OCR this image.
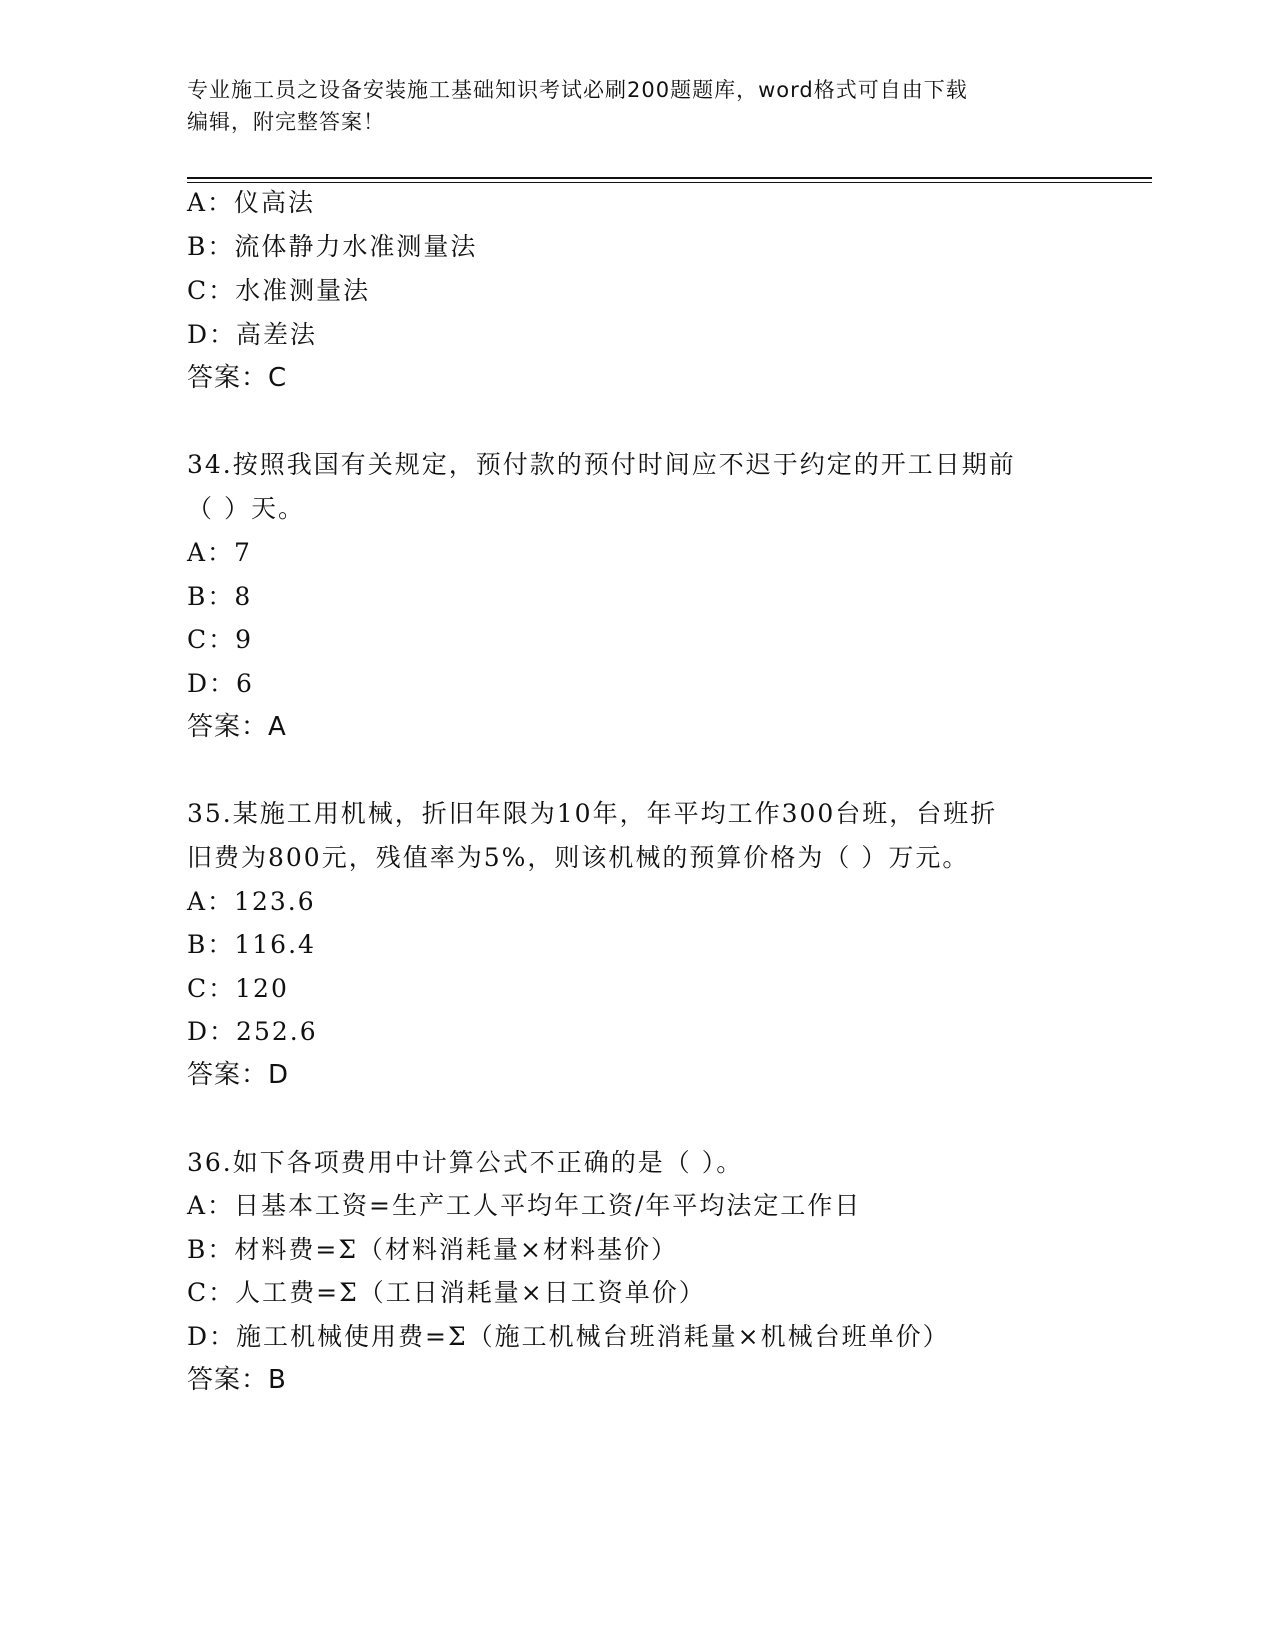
专业施工员之设备安装施工基础知识考试必刷200题题库，word格式可自由下载
编辑，附完整答案！
A：仪高法
B：流体静力水准测量法
C：水准测量法
D：高差法
答案：C
34.按照我国有关规定，预付款的预付时间应不迟于约定的开工日期前
（ ）天。
A：7
B：8
C：9
D：6
答案：A
35.某施工用机械，折旧年限为10年，年平均工作300台班，台班折
旧费为800元，残值率为5%，则该机械的预算价格为（ ）万元。
A：123.6
B：116.4
C：120
D：252.6
答案：D
36.如下各项费用中计算公式不正确的是（ ）。
A：日基本工资=生产工人平均年工资/年平均法定工作日
B：材料费=Σ（材料消耗量×材料基价）
C：人工费=Σ（工日消耗量×日工资单价）
D：施工机械使用费=Σ（施工机械台班消耗量×机械台班单价）
答案：B
